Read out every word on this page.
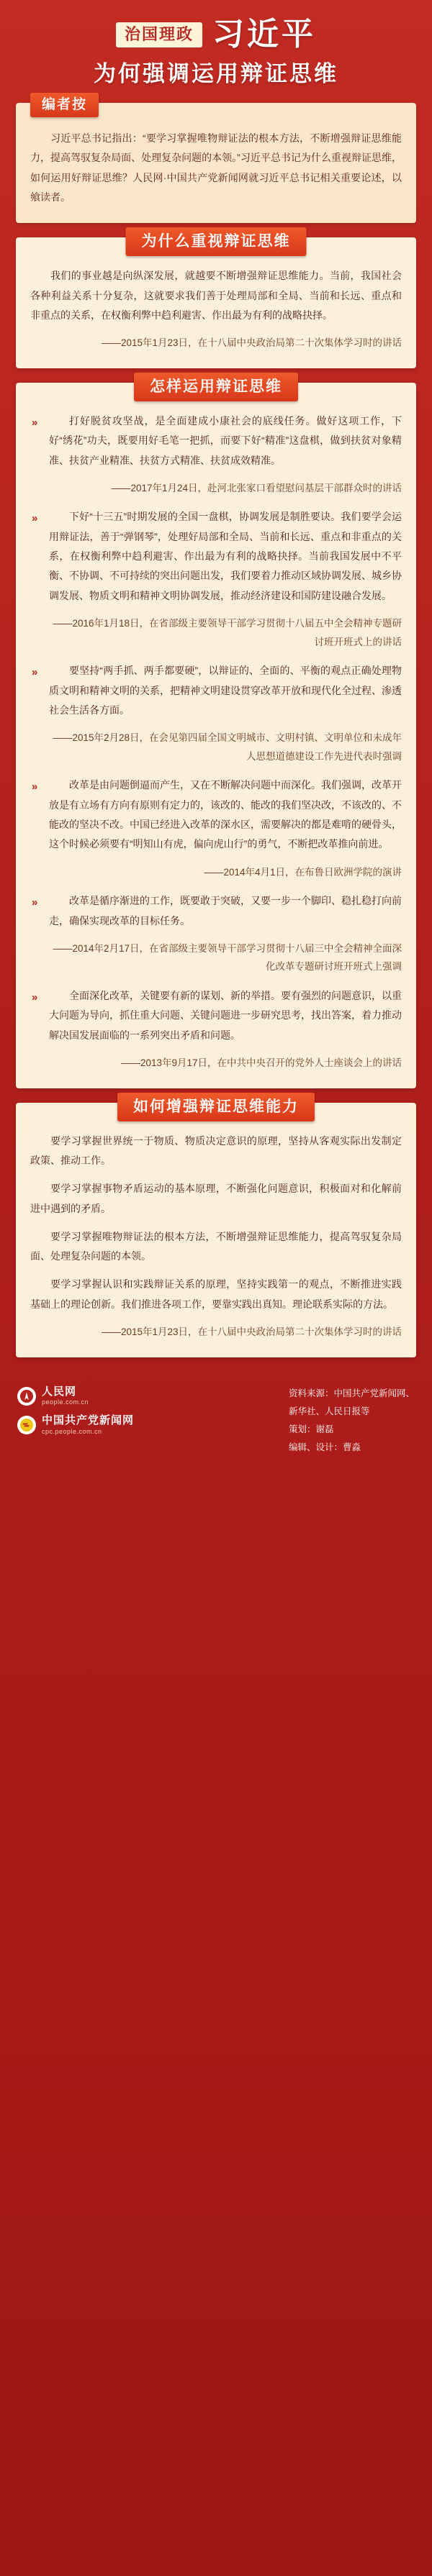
治国理政 习近平
为何强调运用辩证思维
编者按

习近平总书记指出：“要学习掌握唯物辩证法的根本方法，不断增强辩证思维能力，提高驾驭复杂局面、处理复杂问题的本领。”习近平总书记为什么重视辩证思维，如何运用好辩证思维？人民网·中国共产党新闻网就习近平总书记相关重要论述，以飨读者。

为什么重视辩证思维

我们的事业越是向纵深发展，就越要不断增强辩证思维能力。当前，我国社会各种利益关系十分复杂，这就要求我们善于处理局部和全局、当前和长远、重点和非重点的关系，在权衡利弊中趋利避害、作出最为有利的战略抉择。

——2015年1月23日，在十八届中央政治局第二十次集体学习时的讲话

怎样运用辩证思维
»	打好脱贫攻坚战，是全面建成小康社会的底线任务。做好这项工作，下好“绣花”功夫，既要用好毛笔一把抓，而要下好“精准”这盘棋，做到扶贫对象精准、扶贫产业精准、扶贫方式精准、扶贫成效精准。

——2017年1月24日，赴河北张家口看望慰问基层干部群众时的讲话

»	下好“十三五”时期发展的全国一盘棋，协调发展是制胜要诀。我们要学会运用辩证法，善于“弹钢琴”，处理好局部和全局、当前和长远、重点和非重点的关系，在权衡利弊中趋利避害、作出最为有利的战略抉择。当前我国发展中不平衡、不协调、不可持续的突出问题出发，我们要着力推动区域协调发展、城乡协调发展、物质文明和精神文明协调发展，推动经济建设和国防建设融合发展。

——2016年1月18日，在省部级主要领导干部学习贯彻十八届五中全会精神专题研讨班开班式上的讲话

»	要坚持“两手抓、两手都要硬”，以辩证的、全面的、平衡的观点正确处理物质文明和精神文明的关系，把精神文明建设贯穿改革开放和现代化全过程、渗透社会生活各方面。

——2015年2月28日，在会见第四届全国文明城市、文明村镇、文明单位和未成年人思想道德建设工作先进代表时强调

»	改革是由问题倒逼而产生，又在不断解决问题中而深化。我们强调，改革开放是有立场有方向有原则有定力的，该改的、能改的我们坚决改，不该改的、不能改的坚决不改。中国已经进入改革的深水区，需要解决的都是难啃的硬骨头，这个时候必须要有“明知山有虎，偏向虎山行”的勇气，不断把改革推向前进。

——2014年4月1日，在布鲁日欧洲学院的演讲

»	改革是循序渐进的工作，既要敢于突破，又要一步一个脚印、稳扎稳打向前走，确保实现改革的目标任务。

——2014年2月17日，在省部级主要领导干部学习贯彻十八届三中全会精神全面深化改革专题研讨班开班式上强调

»	全面深化改革，关键要有新的谋划、新的举措。要有强烈的问题意识，以重大问题为导向，抓住重大问题、关键问题进一步研究思考，找出答案，着力推动解决国发展面临的一系列突出矛盾和问题。

——2013年9月17日，在中共中央召开的党外人士座谈会上的讲话

如何增强辩证思维能力

要学习掌握世界统一于物质、物质决定意识的原理，坚持从客观实际出发制定政策、推动工作。

要学习掌握事物矛盾运动的基本原理，不断强化问题意识，积极面对和化解前进中遇到的矛盾。

要学习掌握唯物辩证法的根本方法，不断增强辩证思维能力，提高驾驭复杂局面、处理复杂问题的本领。

要学习掌握认识和实践辩证关系的原理，坚持实践第一的观点，不断推进实践基础上的理论创新。我们推进各项工作，要靠实践出真知。理论联系实际的方法。

——2015年1月23日，在十八届中央政治局第二十次集体学习时的讲话

人民网
people.com.cn
中国共产党新闻网
cpc.people.com.cn
资料来源：中国共产党新闻网、
新华社、人民日报等
策划：谢磊
编辑、设计：曹淼
